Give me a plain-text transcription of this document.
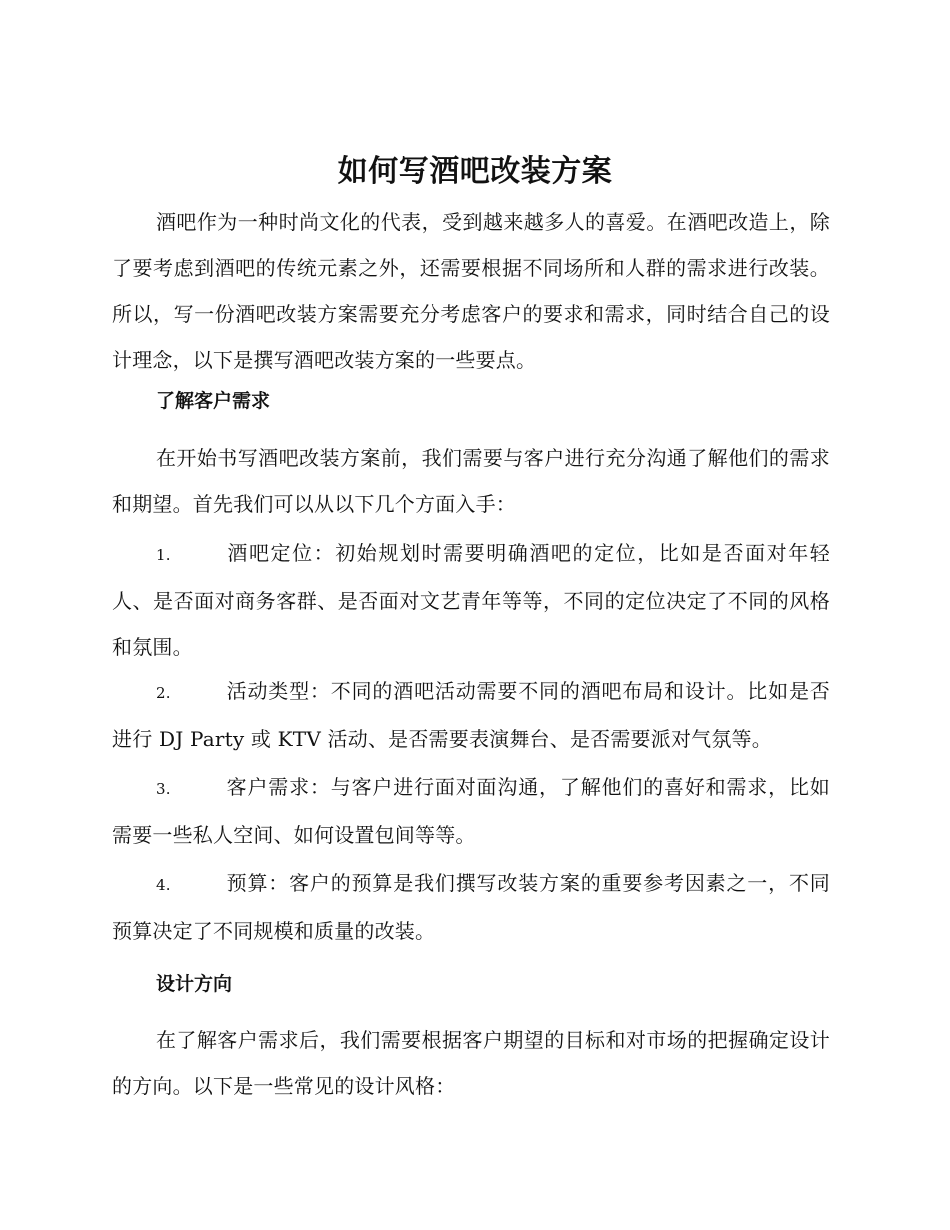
如何写酒吧改装方案

酒吧作为一种时尚文化的代表，受到越来越多人的喜爱。在酒吧改造上，除了要考虑到酒吧的传统元素之外，还需要根据不同场所和人群的需求进行改装。所以，写一份酒吧改装方案需要充分考虑客户的要求和需求，同时结合自己的设计理念，以下是撰写酒吧改装方案的一些要点。

了解客户需求

在开始书写酒吧改装方案前，我们需要与客户进行充分沟通了解他们的需求和期望。首先我们可以从以下几个方面入手：

1.	酒吧定位：初始规划时需要明确酒吧的定位，比如是否面对年轻人、是否面对商务客群、是否面对文艺青年等等，不同的定位决定了不同的风格和氛围。

2.	活动类型：不同的酒吧活动需要不同的酒吧布局和设计。比如是否进行 DJ Party 或 KTV 活动、是否需要表演舞台、是否需要派对气氛等。

3.	客户需求：与客户进行面对面沟通，了解他们的喜好和需求，比如需要一些私人空间、如何设置包间等等。

4.	预算：客户的预算是我们撰写改装方案的重要参考因素之一，不同预算决定了不同规模和质量的改装。

设计方向

在了解客户需求后，我们需要根据客户期望的目标和对市场的把握确定设计的方向。以下是一些常见的设计风格：
